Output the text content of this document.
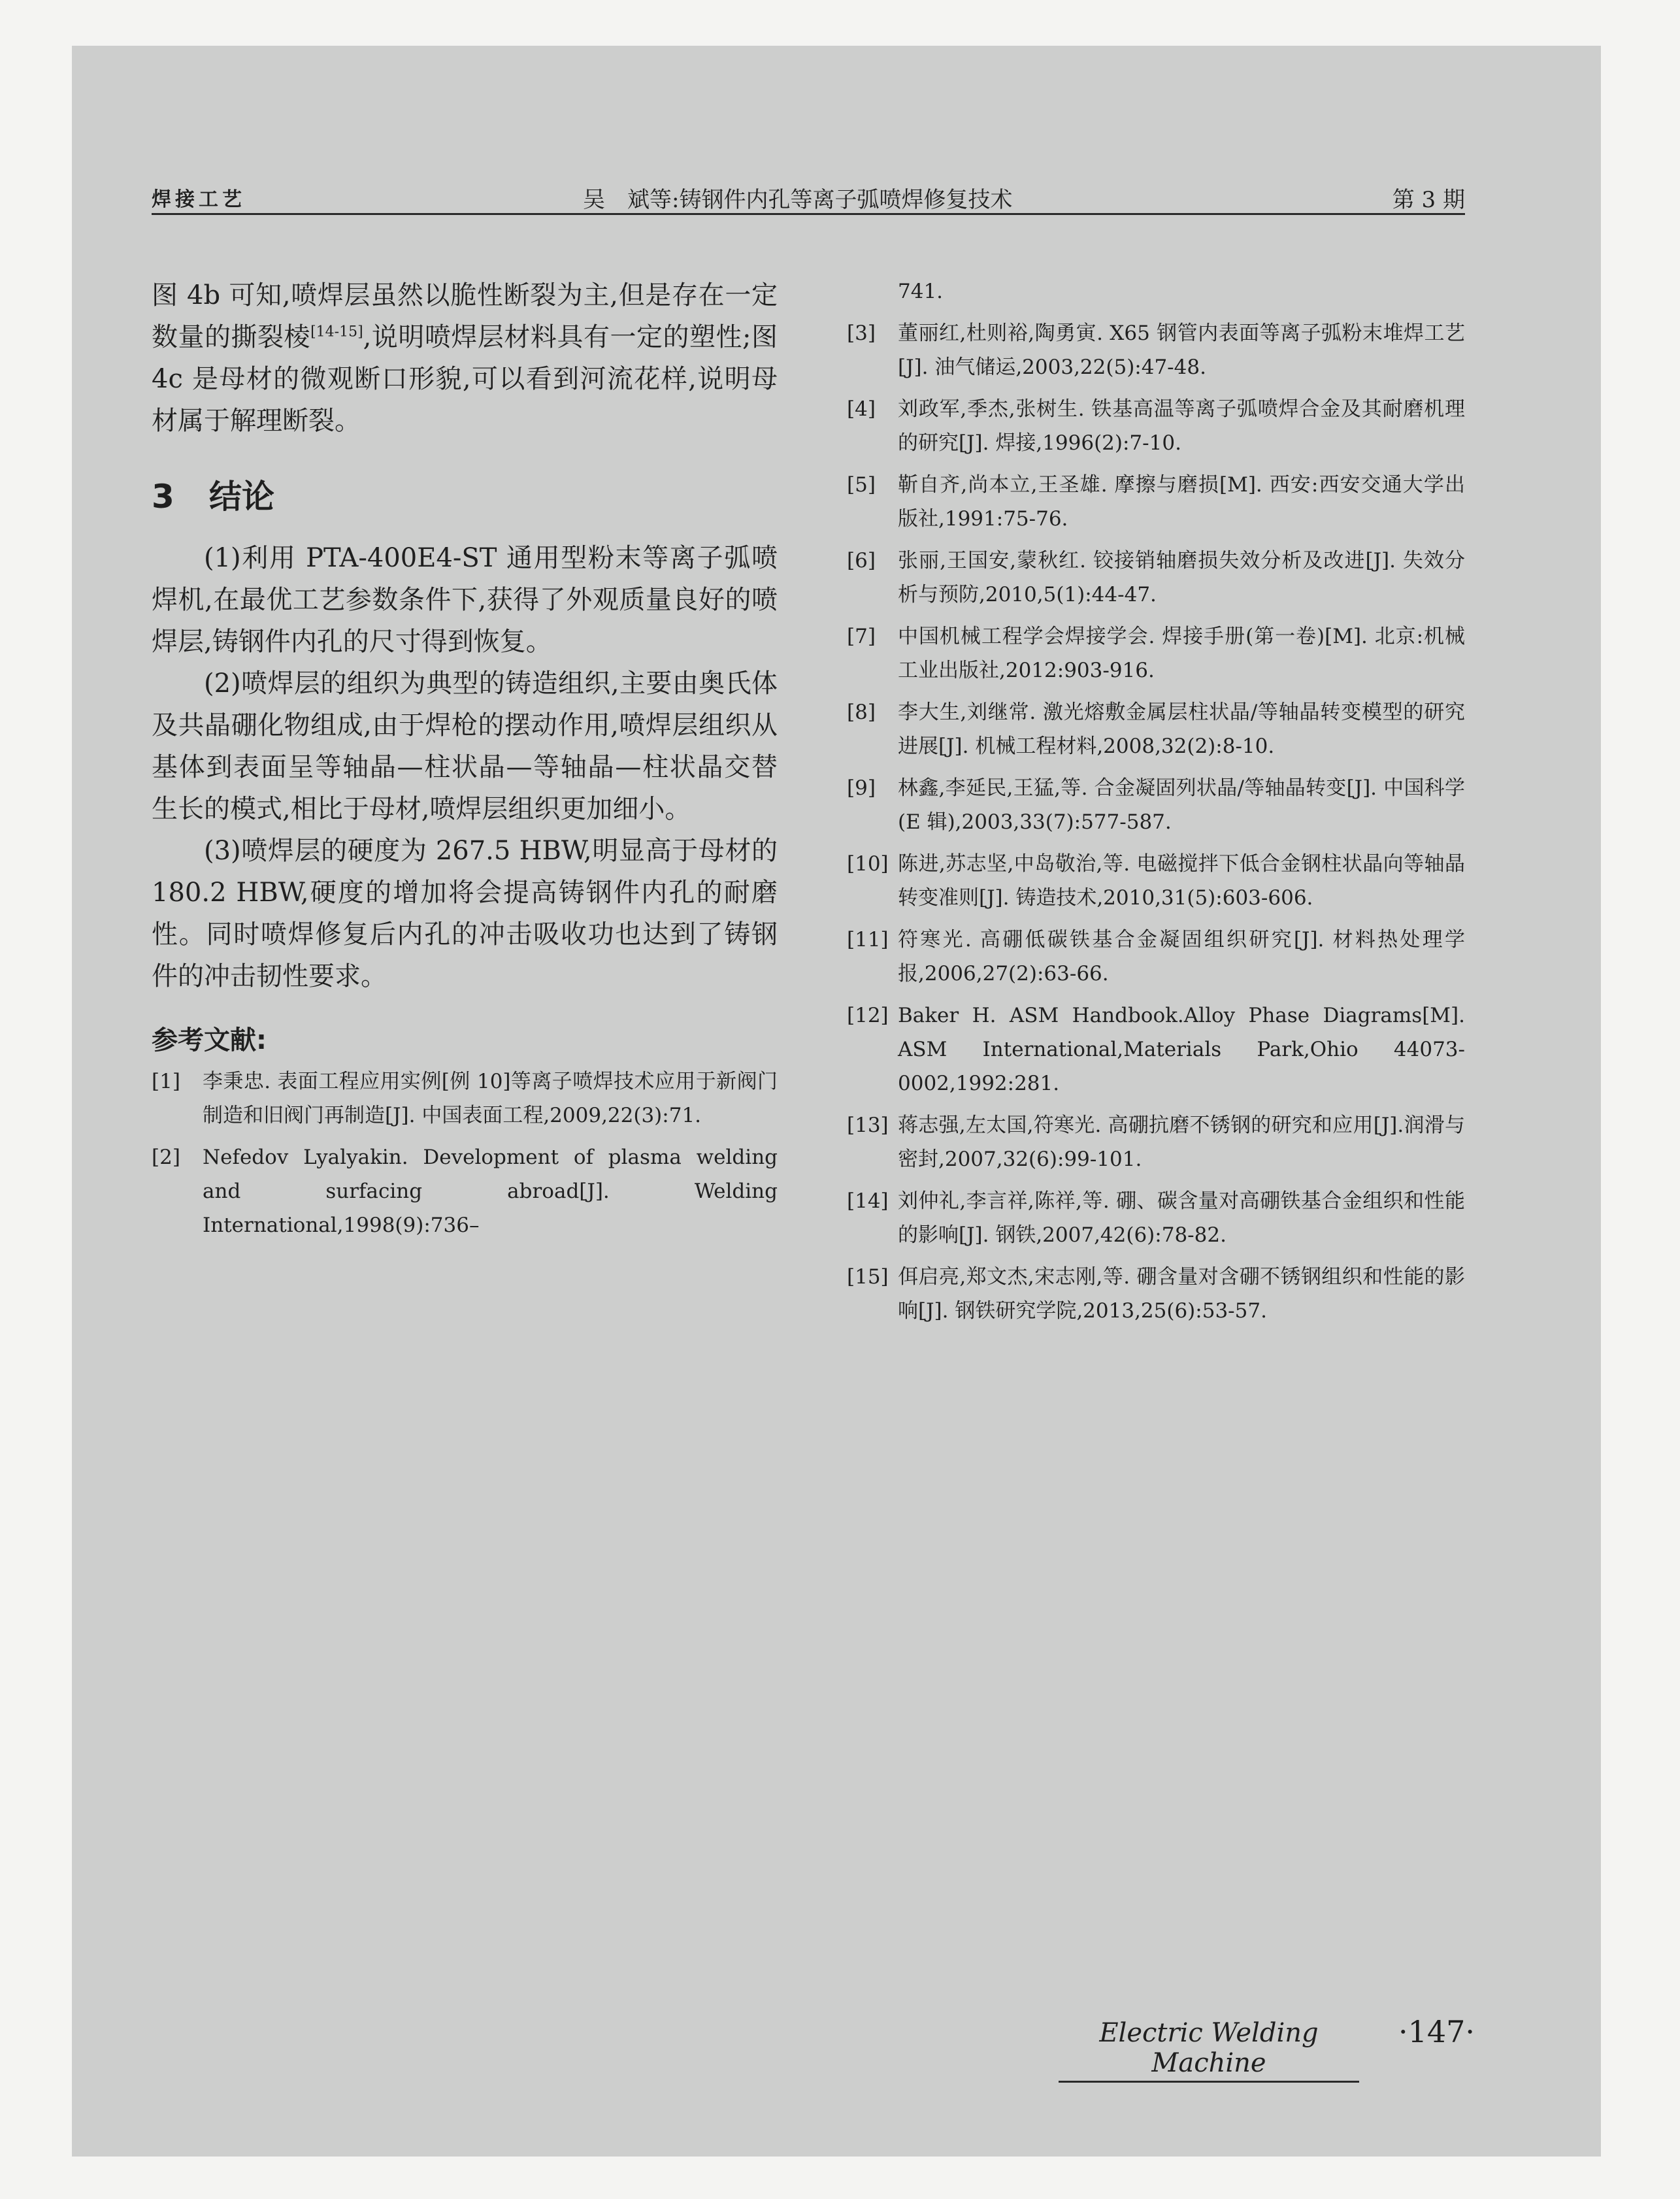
焊接工艺	吴　斌等:铸钢件内孔等离子弧喷焊修复技术	第 3 期

图 4b 可知,喷焊层虽然以脆性断裂为主,但是存在一定数量的撕裂棱[14-15],说明喷焊层材料具有一定的塑性;图 4c 是母材的微观断口形貌,可以看到河流花样,说明母材属于解理断裂。

3 结论

(1)利用 PTA-400E4-ST 通用型粉末等离子弧喷焊机,在最优工艺参数条件下,获得了外观质量良好的喷焊层,铸钢件内孔的尺寸得到恢复。

(2)喷焊层的组织为典型的铸造组织,主要由奥氏体及共晶硼化物组成,由于焊枪的摆动作用,喷焊层组织从基体到表面呈等轴晶—柱状晶—等轴晶—柱状晶交替生长的模式,相比于母材,喷焊层组织更加细小。

(3)喷焊层的硬度为 267.5 HBW,明显高于母材的 180.2 HBW,硬度的增加将会提高铸钢件内孔的耐磨性。同时喷焊修复后内孔的冲击吸收功也达到了铸钢件的冲击韧性要求。

参考文献:
[1]	李秉忠. 表面工程应用实例[例 10]等离子喷焊技术应用于新阀门制造和旧阀门再制造[J]. 中国表面工程,2009,22(3):71.
[2]	Nefedov Lyalyakin. Development of plasma welding and surfacing abroad[J]. Welding International,1998(9):736–
741.
[3]	董丽红,杜则裕,陶勇寅. X65 钢管内表面等离子弧粉末堆焊工艺[J]. 油气储运,2003,22(5):47-48.
[4]	刘政军,季杰,张树生. 铁基高温等离子弧喷焊合金及其耐磨机理的研究[J]. 焊接,1996(2):7-10.
[5]	靳自齐,尚本立,王圣雄. 摩擦与磨损[M]. 西安:西安交通大学出版社,1991:75-76.
[6]	张丽,王国安,蒙秋红. 铰接销轴磨损失效分析及改进[J]. 失效分析与预防,2010,5(1):44-47.
[7]	中国机械工程学会焊接学会. 焊接手册(第一卷)[M]. 北京:机械工业出版社,2012:903-916.
[8]	李大生,刘继常. 激光熔敷金属层柱状晶/等轴晶转变模型的研究进展[J]. 机械工程材料,2008,32(2):8-10.
[9]	林鑫,李延民,王猛,等. 合金凝固列状晶/等轴晶转变[J]. 中国科学(E 辑),2003,33(7):577-587.
[10] 陈进,苏志坚,中岛敬治,等. 电磁搅拌下低合金钢柱状晶向等轴晶转变准则[J]. 铸造技术,2010,31(5):603-606.
[11] 符寒光. 高硼低碳铁基合金凝固组织研究[J]. 材料热处理学报,2006,27(2):63-66.
[12] Baker H. ASM Handbook.Alloy Phase Diagrams[M]. ASM International,Materials Park,Ohio 44073-0002,1992:281.
[13] 蒋志强,左太国,符寒光. 高硼抗磨不锈钢的研究和应用[J].润滑与密封,2007,32(6):99-101.
[14] 刘仲礼,李言祥,陈祥,等. 硼、碳含量对高硼铁基合金组织和性能的影响[J]. 钢铁,2007,42(6):78-82.
[15] 佴启亮,郑文杰,宋志刚,等. 硼含量对含硼不锈钢组织和性能的影响[J]. 钢铁研究学院,2013,25(6):53-57.
Electric Welding Machine
·147·
